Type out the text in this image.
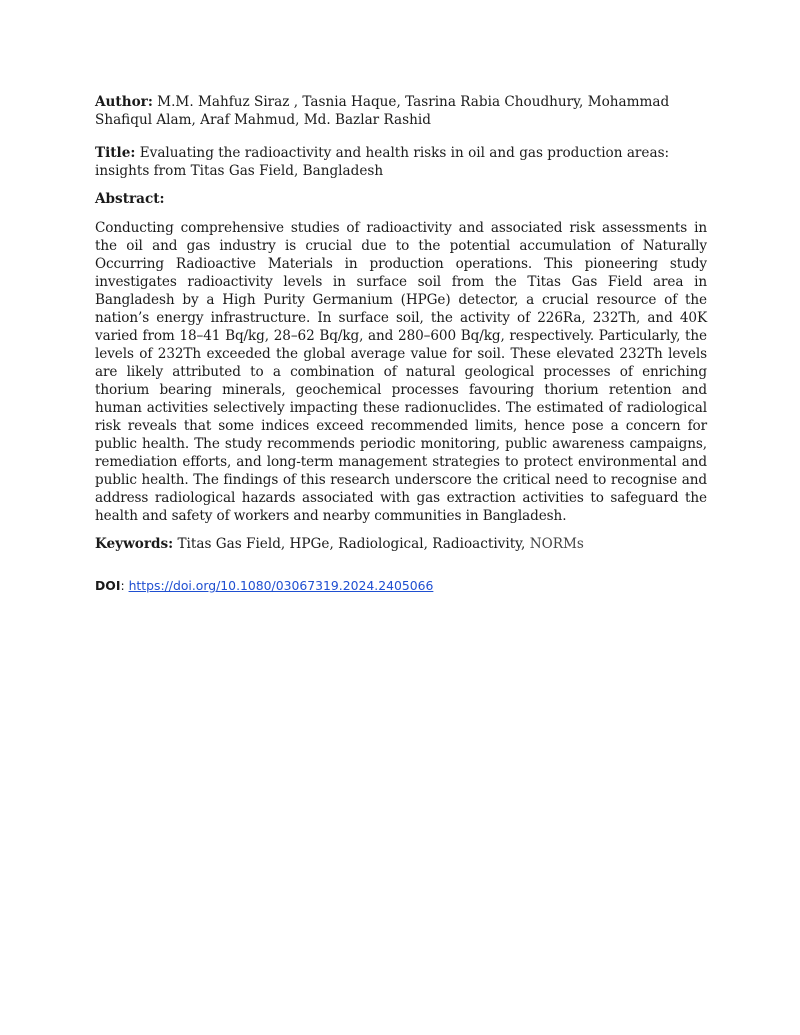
Author: M.M. Mahfuz Siraz , Tasnia Haque, Tasrina Rabia Choudhury, Mohammad Shafiqul Alam, Araf Mahmud, Md. Bazlar Rashid

Title: Evaluating the radioactivity and health risks in oil and gas production areas: insights from Titas Gas Field, Bangladesh

Abstract:

Conducting comprehensive studies of radioactivity and associated risk assessments in the oil and gas industry is crucial due to the potential accumulation of Naturally Occurring Radioactive Materials in production operations. This pioneering study investigates radioactivity levels in surface soil from the Titas Gas Field area in Bangladesh by a High Purity Germanium (HPGe) detector, a crucial resource of the nation’s energy infrastructure. In surface soil, the activity of 226Ra, 232Th, and 40K varied from 18–41 Bq/kg, 28–62 Bq/kg, and 280–600 Bq/kg, respectively. Particularly, the levels of 232Th exceeded the global average value for soil. These elevated 232Th levels are likely attributed to a combination of natural geological processes of enriching thorium bearing minerals, geochemical processes favouring thorium retention and human activities selectively impacting these radionuclides. The estimated of radiological risk reveals that some indices exceed recommended limits, hence pose a concern for public health. The study recommends periodic monitoring, public awareness campaigns, remediation efforts, and long-term management strategies to protect environmental and public health. The findings of this research underscore the critical need to recognise and address radiological hazards associated with gas extraction activities to safeguard the health and safety of workers and nearby communities in Bangladesh.

Keywords: Titas Gas Field, HPGe, Radiological, Radioactivity, NORMs

DOI: https://doi.org/10.1080/03067319.2024.2405066
